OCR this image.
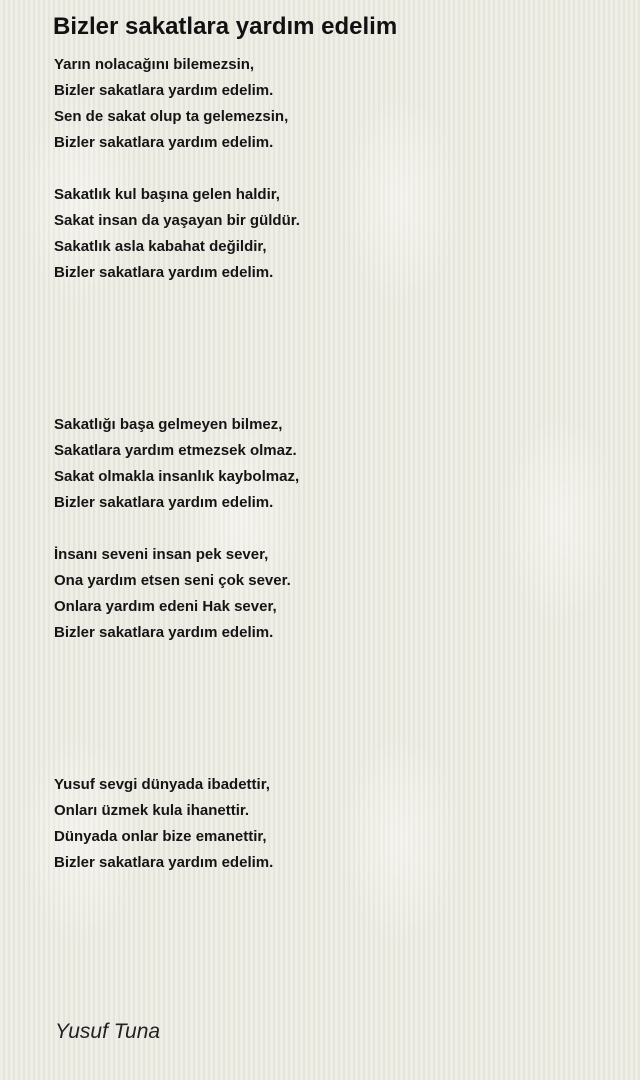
Bizler sakatlara yardım edelim
Yarın nolacağını bilemezsin,
Bizler sakatlara yardım edelim.
Sen de sakat olup ta gelemezsin,
Bizler sakatlara yardım edelim.
Sakatlık kul başına gelen haldir,
Sakat insan da yaşayan bir güldür.
Sakatlık asla kabahat değildir,
Bizler sakatlara yardım edelim.
Sakatlığı başa gelmeyen bilmez,
Sakatlara yardım etmezsek olmaz.
Sakat olmakla insanlık kaybolmaz,
Bizler sakatlara yardım edelim.
İnsanı seveni insan pek sever,
Ona yardım etsen seni çok sever.
Onlara yardım edeni Hak sever,
Bizler sakatlara yardım edelim.
Yusuf sevgi dünyada ibadettir,
Onları üzmek kula ihanettir.
Dünyada onlar bize emanettir,
Bizler sakatlara yardım edelim.
Yusuf Tuna
